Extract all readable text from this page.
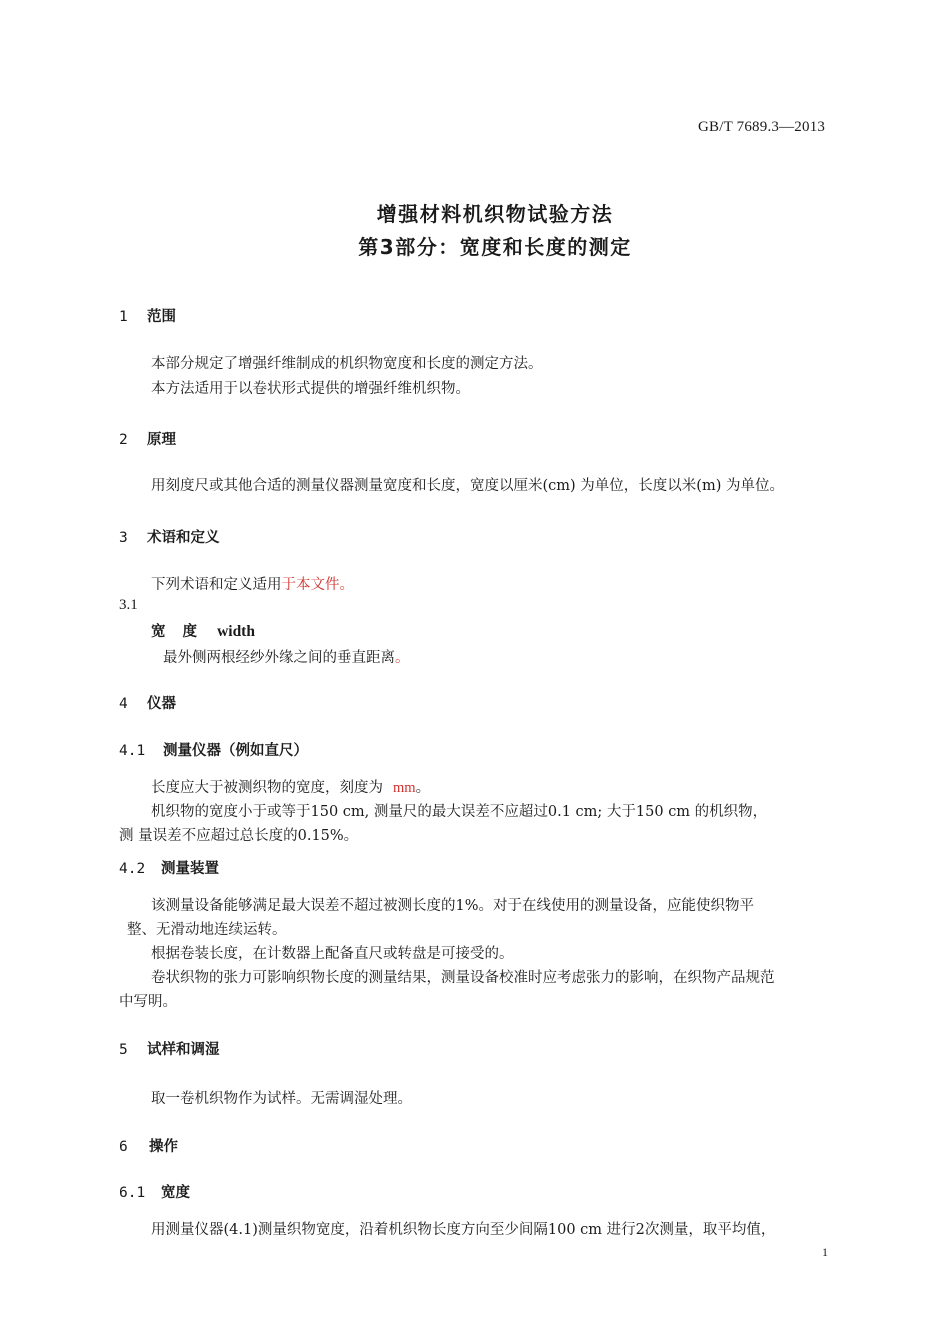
GB/T 7689.3—2013
增强材料机织物试验方法
第3部分：宽度和长度的测定
1 范围
本部分规定了增强纤维制成的机织物宽度和长度的测定方法。
本方法适用于以卷状形式提供的增强纤维机织物。
2 原理
用刻度尺或其他合适的测量仪器测量宽度和长度，宽度以厘米(cm) 为单位，长度以米(m) 为单位。
3 术语和定义
下列术语和定义适用于本文件。
3.1
宽 度 width
最外侧两根经纱外缘之间的垂直距离。
4 仪器
4.1 测量仪器（例如直尺）
长度应大于被测织物的宽度，刻度为 mm。
机织物的宽度小于或等于150 cm, 测量尺的最大误差不应超过0.1 cm; 大于150 cm 的机织物，
测 量误差不应超过总长度的0.15%。
4.2 测量装置
该测量设备能够满足最大误差不超过被测长度的1%。对于在线使用的测量设备，应能使织物平
整、无滑动地连续运转。
根据卷装长度，在计数器上配备直尺或转盘是可接受的。
卷状织物的张力可影响织物长度的测量结果，测量设备校准时应考虑张力的影响，在织物产品规范
中写明。
5 试样和调湿
取一卷机织物作为试样。无需调湿处理。
6 操作
6.1 宽度
用测量仪器(4.1)测量织物宽度，沿着机织物长度方向至少间隔100 cm 进行2次测量，取平均值，
1
